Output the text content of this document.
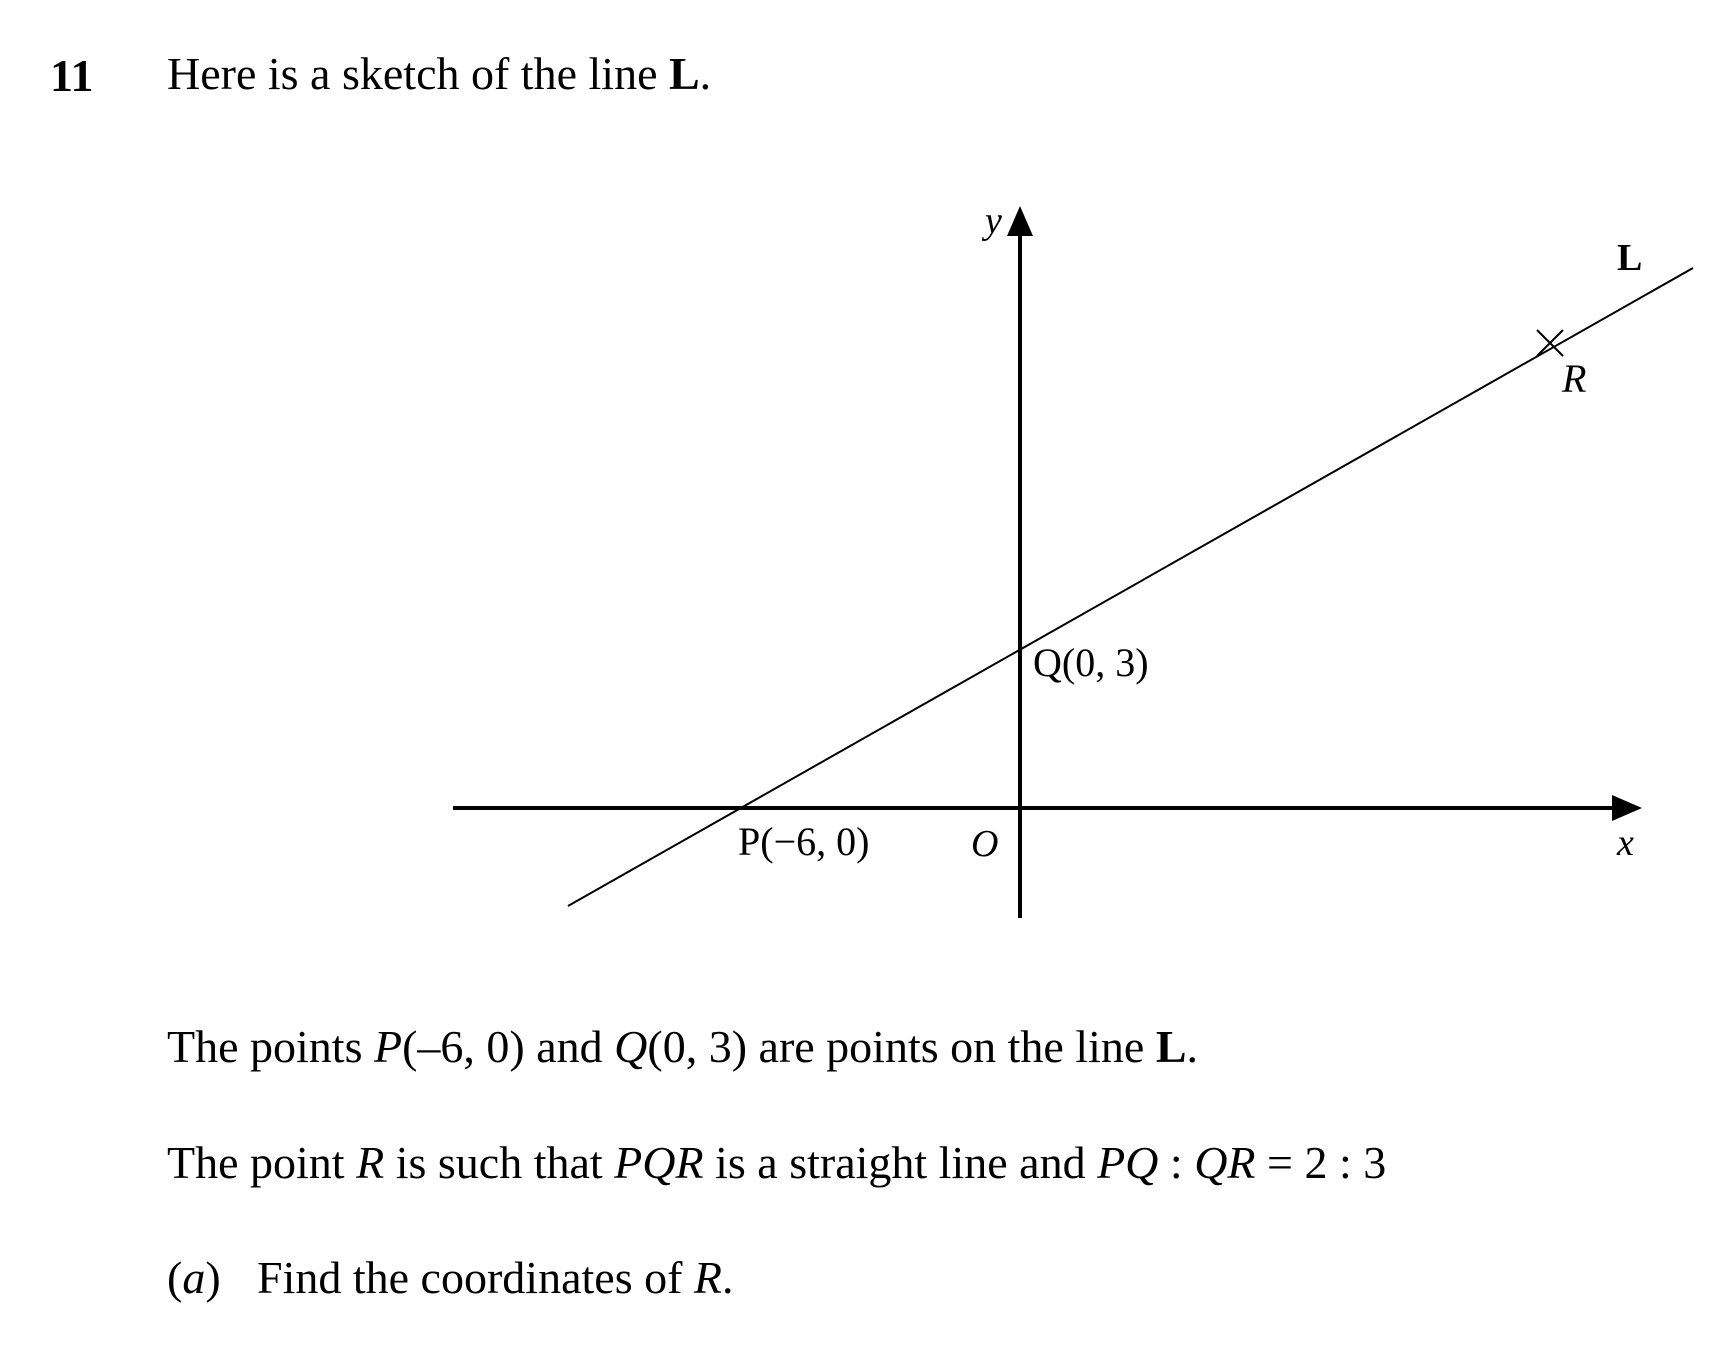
11 Here is a sketch of the line L.
y
x
O
L
P(−6, 0)
Q(0, 3)
R
The points P(–6, 0) and Q(0, 3) are points on the line L.
The point R is such that PQR is a straight line and PQ : QR = 2 : 3
(a) Find the coordinates of R.
